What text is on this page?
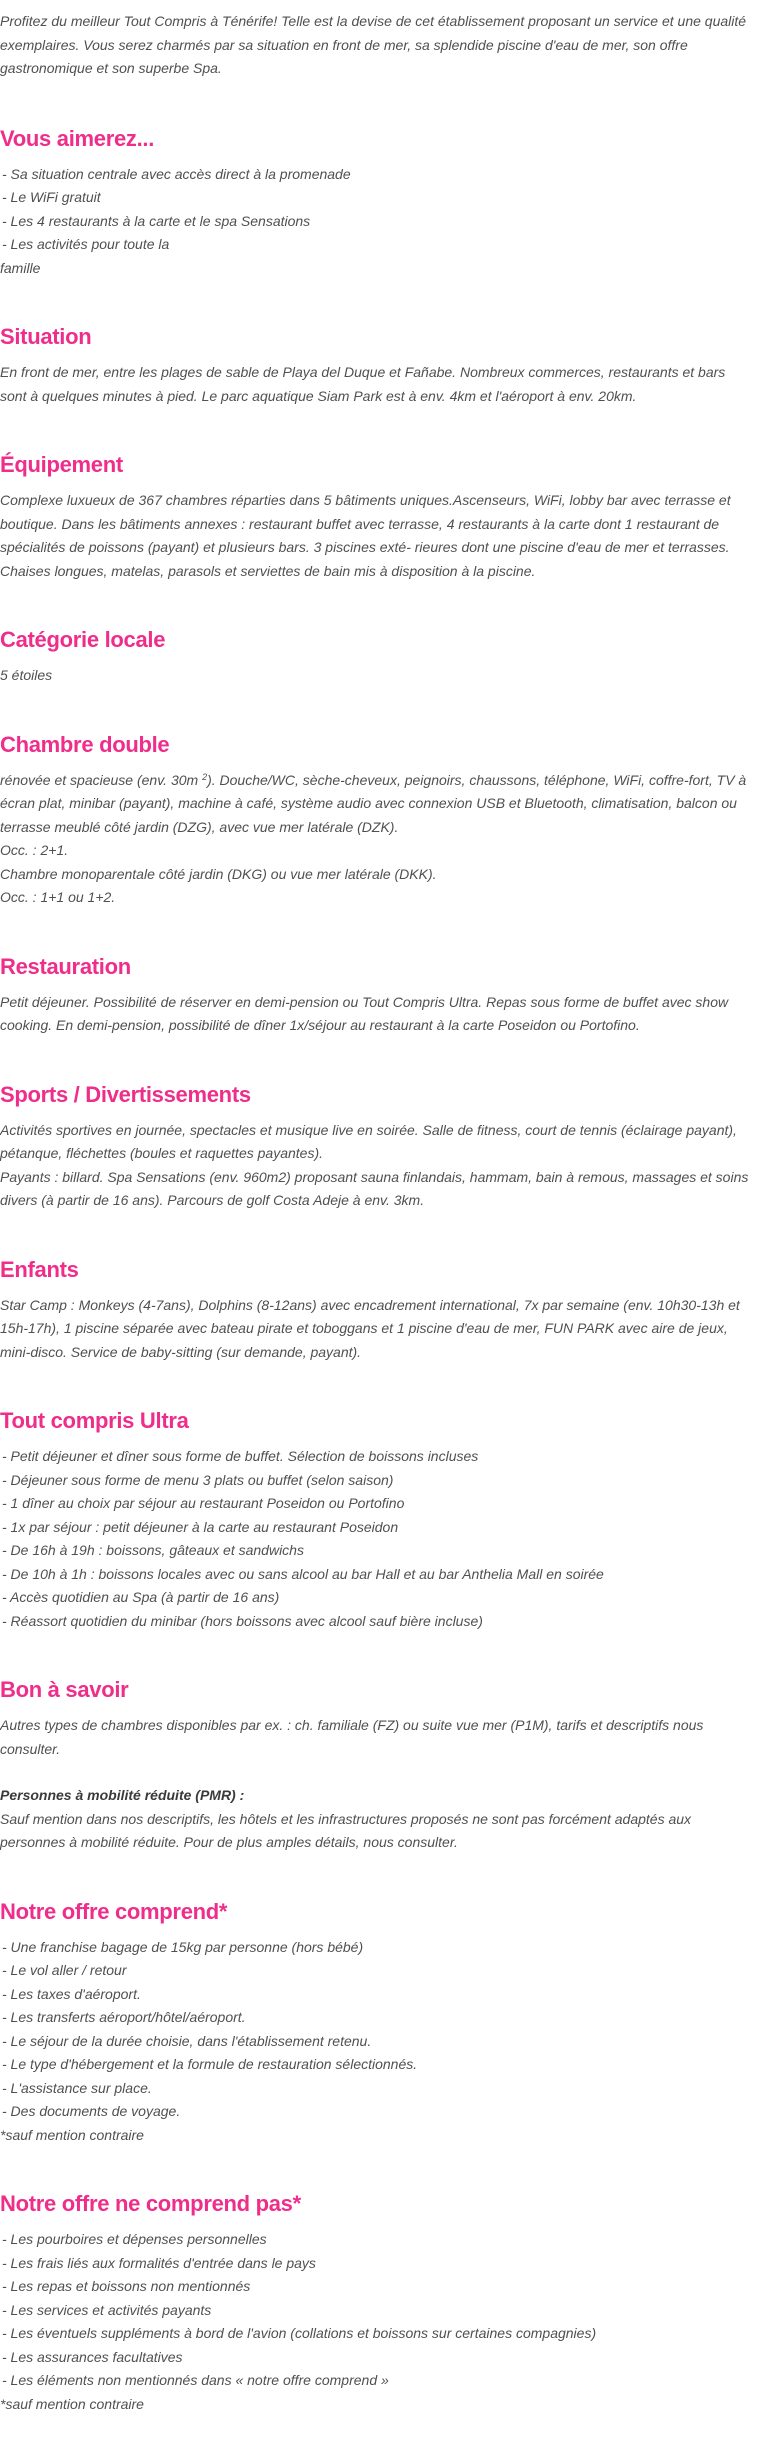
Profitez du meilleur Tout Compris à Ténérife! Telle est la devise de cet établissement proposant un service et une qualité exemplaires. Vous serez charmés par sa situation en front de mer, sa splendide piscine d'eau de mer, son offre gastronomique et son superbe Spa.

Vous aimerez...
- Sa situation centrale avec accès direct à la promenade
- Le WiFi gratuit
- Les 4 restaurants à la carte et le spa Sensations
- Les activités pour toute la
famille
Situation

En front de mer, entre les plages de sable de Playa del Duque et Fañabe. Nombreux commerces, restaurants et bars sont à quelques minutes à pied. Le parc aquatique Siam Park est à env. 4km et l'aéroport à env. 20km.

Équipement

Complexe luxueux de 367 chambres réparties dans 5 bâtiments uniques.Ascenseurs, WiFi, lobby bar avec terrasse et boutique. Dans les bâtiments annexes : restaurant buffet avec terrasse, 4 restaurants à la carte dont 1 restaurant de spécialités de poissons (payant) et plusieurs bars. 3 piscines exté- rieures dont une piscine d'eau de mer et terrasses. Chaises longues, matelas, parasols et serviettes de bain mis à disposition à la piscine.

Catégorie locale

5 étoiles

Chambre double

rénovée et spacieuse (env. 30m $^2$). Douche/WC, sèche-cheveux, peignoirs, chaussons, téléphone, WiFi, coffre-fort, TV à écran plat, minibar (payant), machine à café, système audio avec connexion USB et Bluetooth, climatisation, balcon ou terrasse meublé côté jardin (DZG), avec vue mer latérale (DZK).

Occ. : 2+1.
Chambre monoparentale côté jardin (DKG) ou vue mer latérale (DKK).
Occ. : 1+1 ou 1+2.
Restauration

Petit déjeuner. Possibilité de réserver en demi-pension ou Tout Compris Ultra. Repas sous forme de buffet avec show cooking. En demi-pension, possibilité de dîner 1x/séjour au restaurant à la carte Poseidon ou Portofino.

Sports / Divertissements

Activités sportives en journée, spectacles et musique live en soirée. Salle de fitness, court de tennis (éclairage payant), pétanque, fléchettes (boules et raquettes payantes).

Payants : billard. Spa Sensations (env. 960m2) proposant sauna finlandais, hammam, bain à remous, massages et soins divers (à partir de 16 ans). Parcours de golf Costa Adeje à env. 3km.

Enfants

Star Camp : Monkeys (4-7ans), Dolphins (8-12ans) avec encadrement international, 7x par semaine (env. 10h30-13h et 15h-17h), 1 piscine séparée avec bateau pirate et toboggans et 1 piscine d'eau de mer, FUN PARK avec aire de jeux, mini-disco. Service de baby-sitting (sur demande, payant).

Tout compris Ultra
- Petit déjeuner et dîner sous forme de buffet. Sélection de boissons incluses
- Déjeuner sous forme de menu 3 plats ou buffet (selon saison)
- 1 dîner au choix par séjour au restaurant Poseidon ou Portofino
- 1x par séjour : petit déjeuner à la carte au restaurant Poseidon
- De 16h à 19h : boissons, gâteaux et sandwichs
- De 10h à 1h : boissons locales avec ou sans alcool au bar Hall et au bar Anthelia Mall en soirée
- Accès quotidien au Spa (à partir de 16 ans)
- Réassort quotidien du minibar (hors boissons avec alcool sauf bière incluse)
Bon à savoir

Autres types de chambres disponibles par ex. : ch. familiale (FZ) ou suite vue mer (P1M), tarifs et descriptifs nous consulter.

Personnes à mobilité réduite (PMR) :

Sauf mention dans nos descriptifs, les hôtels et les infrastructures proposés ne sont pas forcément adaptés aux personnes à mobilité réduite. Pour de plus amples détails, nous consulter.

Notre offre comprend*
- Une franchise bagage de 15kg par personne (hors bébé)
- Le vol aller / retour
- Les taxes d'aéroport.
- Les transferts aéroport/hôtel/aéroport.
- Le séjour de la durée choisie, dans l'établissement retenu.
- Le type d'hébergement et la formule de restauration sélectionnés.
- L'assistance sur place.
- Des documents de voyage.
*sauf mention contraire
Notre offre ne comprend pas*
- Les pourboires et dépenses personnelles
- Les frais liés aux formalités d'entrée dans le pays
- Les repas et boissons non mentionnés
- Les services et activités payants
- Les éventuels suppléments à bord de l'avion (collations et boissons sur certaines compagnies)
- Les assurances facultatives
- Les éléments non mentionnés dans « notre offre comprend »
*sauf mention contraire
